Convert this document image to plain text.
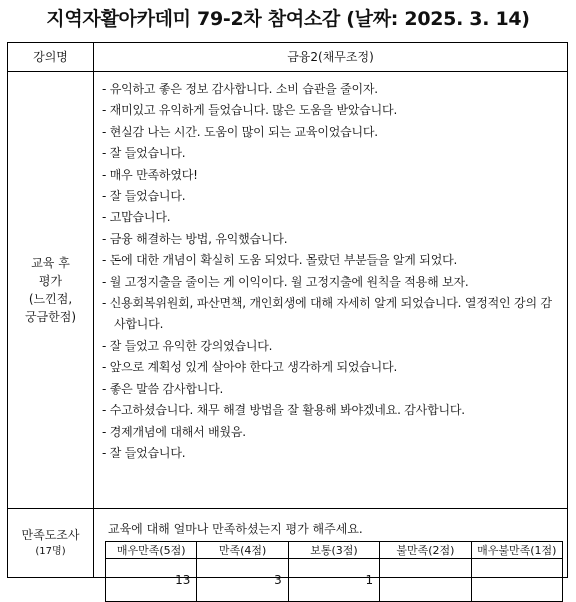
지역자활아카데미 79-2차 참여소감 (날짜: 2025. 3. 14)
강의명	금융2(채무조정)
교육 후
평가
(느낀점,
궁금한점)
- 유익하고 좋은 정보 감사합니다. 소비 습관을 줄이자.
- 재미있고 유익하게 들었습니다. 많은 도움을 받았습니다.
- 현실감 나는 시간. 도움이 많이 되는 교육이었습니다.
- 잘 들었습니다.
- 매우 만족하였다!
- 잘 들었습니다.
- 고맙습니다.
- 금융 해결하는 방법, 유익했습니다.
- 돈에 대한 개념이 확실히 도움 되었다. 몰랐던 부분들을 알게 되었다.
- 월 고정지출을 줄이는 게 이익이다. 월 고정지출에 원칙을 적용해 보자.
- 신용회복위원회, 파산면책, 개인회생에 대해 자세히 알게 되었습니다. 열정적인 강의 감사합니다.
- 잘 들었고 유익한 강의였습니다.
- 앞으로 계획성 있게 살아야 한다고 생각하게 되었습니다.
- 좋은 말씀 감사합니다.
- 수고하셨습니다. 채무 해결 방법을 잘 활용해 봐야겠네요. 감사합니다.
- 경제개념에 대해서 배웠음.
- 잘 들었습니다.
만족도조사
(17명)
교육에 대해 얼마나 만족하셨는지 평가 해주세요.
매우만족(5점)	만족(4점)	보통(3점)	불만족(2점)	매우불만족(1점)
13	3	1		
